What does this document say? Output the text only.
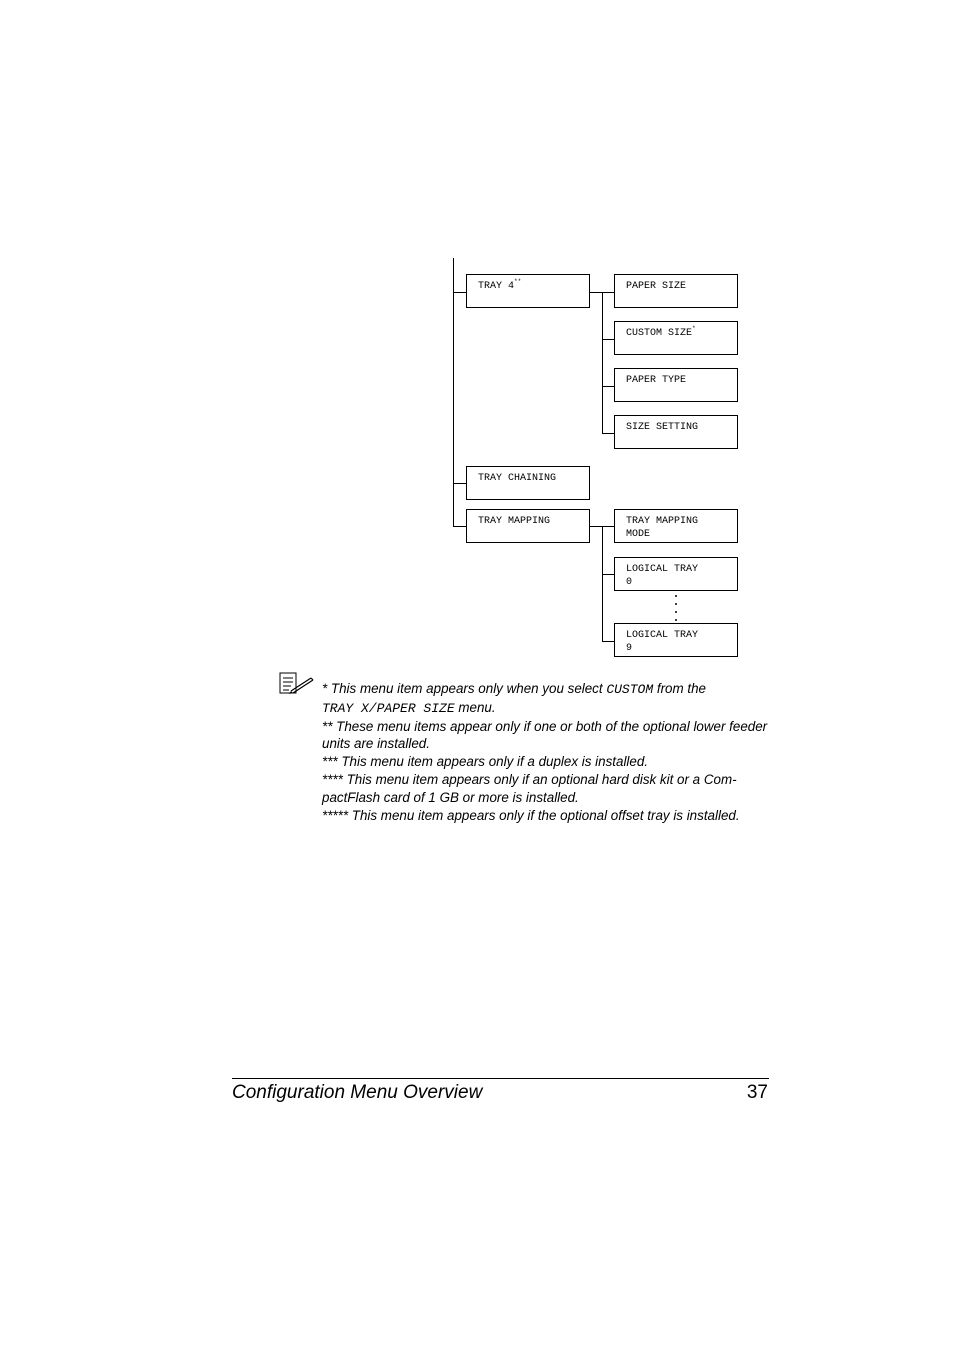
TRAY 4**	PAPER SIZE
CUSTOM SIZE*
PAPER TYPE
SIZE SETTING
TRAY CHAINING
TRAY MAPPING	TRAY MAPPING
MODE
LOGICAL TRAY
0
LOGICAL TRAY
9

* This menu item appears only when you select CUSTOM from the
TRAY X/PAPER SIZE menu.

** These menu items appear only if one or both of the optional lower feeder units are installed.

*** This menu item appears only if a duplex is installed.

**** This menu item appears only if an optional hard disk kit or a Com-pactFlash card of 1 GB or more is installed.

***** This menu item appears only if the optional offset tray is installed.

Configuration Menu Overview	37
